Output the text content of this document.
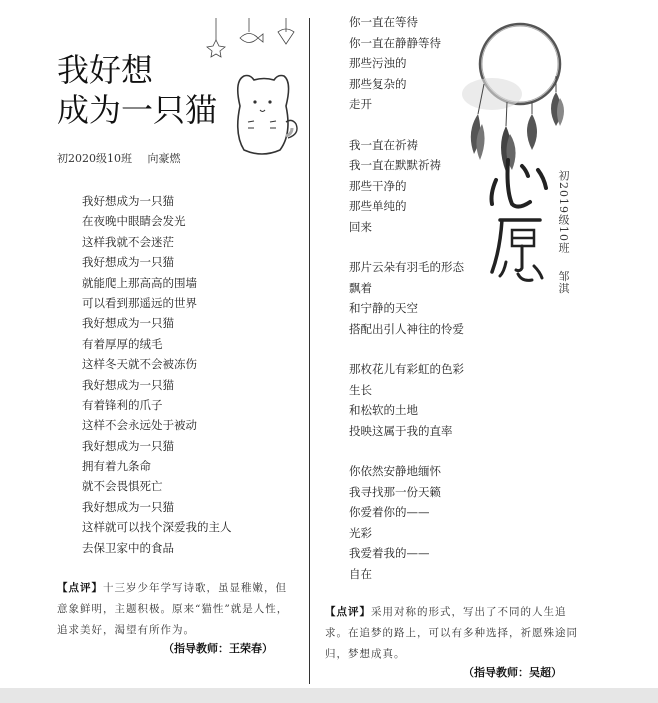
我好想
成为一只猫
初2020级10班 向豪燃
我好想成为一只猫
在夜晚中眼睛会发光
这样我就不会迷茫
我好想成为一只猫
就能爬上那高高的围墙
可以看到那遥远的世界
我好想成为一只猫
有着厚厚的绒毛
这样冬天就不会被冻伤
我好想成为一只猫
有着锋利的爪子
这样不会永远处于被动
我好想成为一只猫
拥有着九条命
就不会畏惧死亡
我好想成为一只猫
这样就可以找个深爱我的主人
去保卫家中的食品
【点评】十三岁少年学写诗歌，虽显稚嫩，但意象鲜明，主题积极。原来“猫性”就是人性，追求美好，渴望有所作为。
（指导教师：王荣春）
你一直在等待
你一直在静静等待
那些污浊的
那些复杂的
走开
我一直在祈祷
我一直在默默祈祷
那些干净的
那些单纯的
回来
那片云朵有羽毛的形态
飘着
和宁静的天空
搭配出引人神往的怜爱
那枚花儿有彩虹的色彩
生长
和松软的土地
投映这属于我的直率
你依然安静地缅怀
我寻找那一份天籁
你爱着你的——
光彩
我爱着我的——
自在
初2019级10班 邹淇
【点评】采用对称的形式，写出了不同的人生追求。在追梦的路上，可以有多种选择，祈愿殊途同归，梦想成真。
（指导教师：吴超）
